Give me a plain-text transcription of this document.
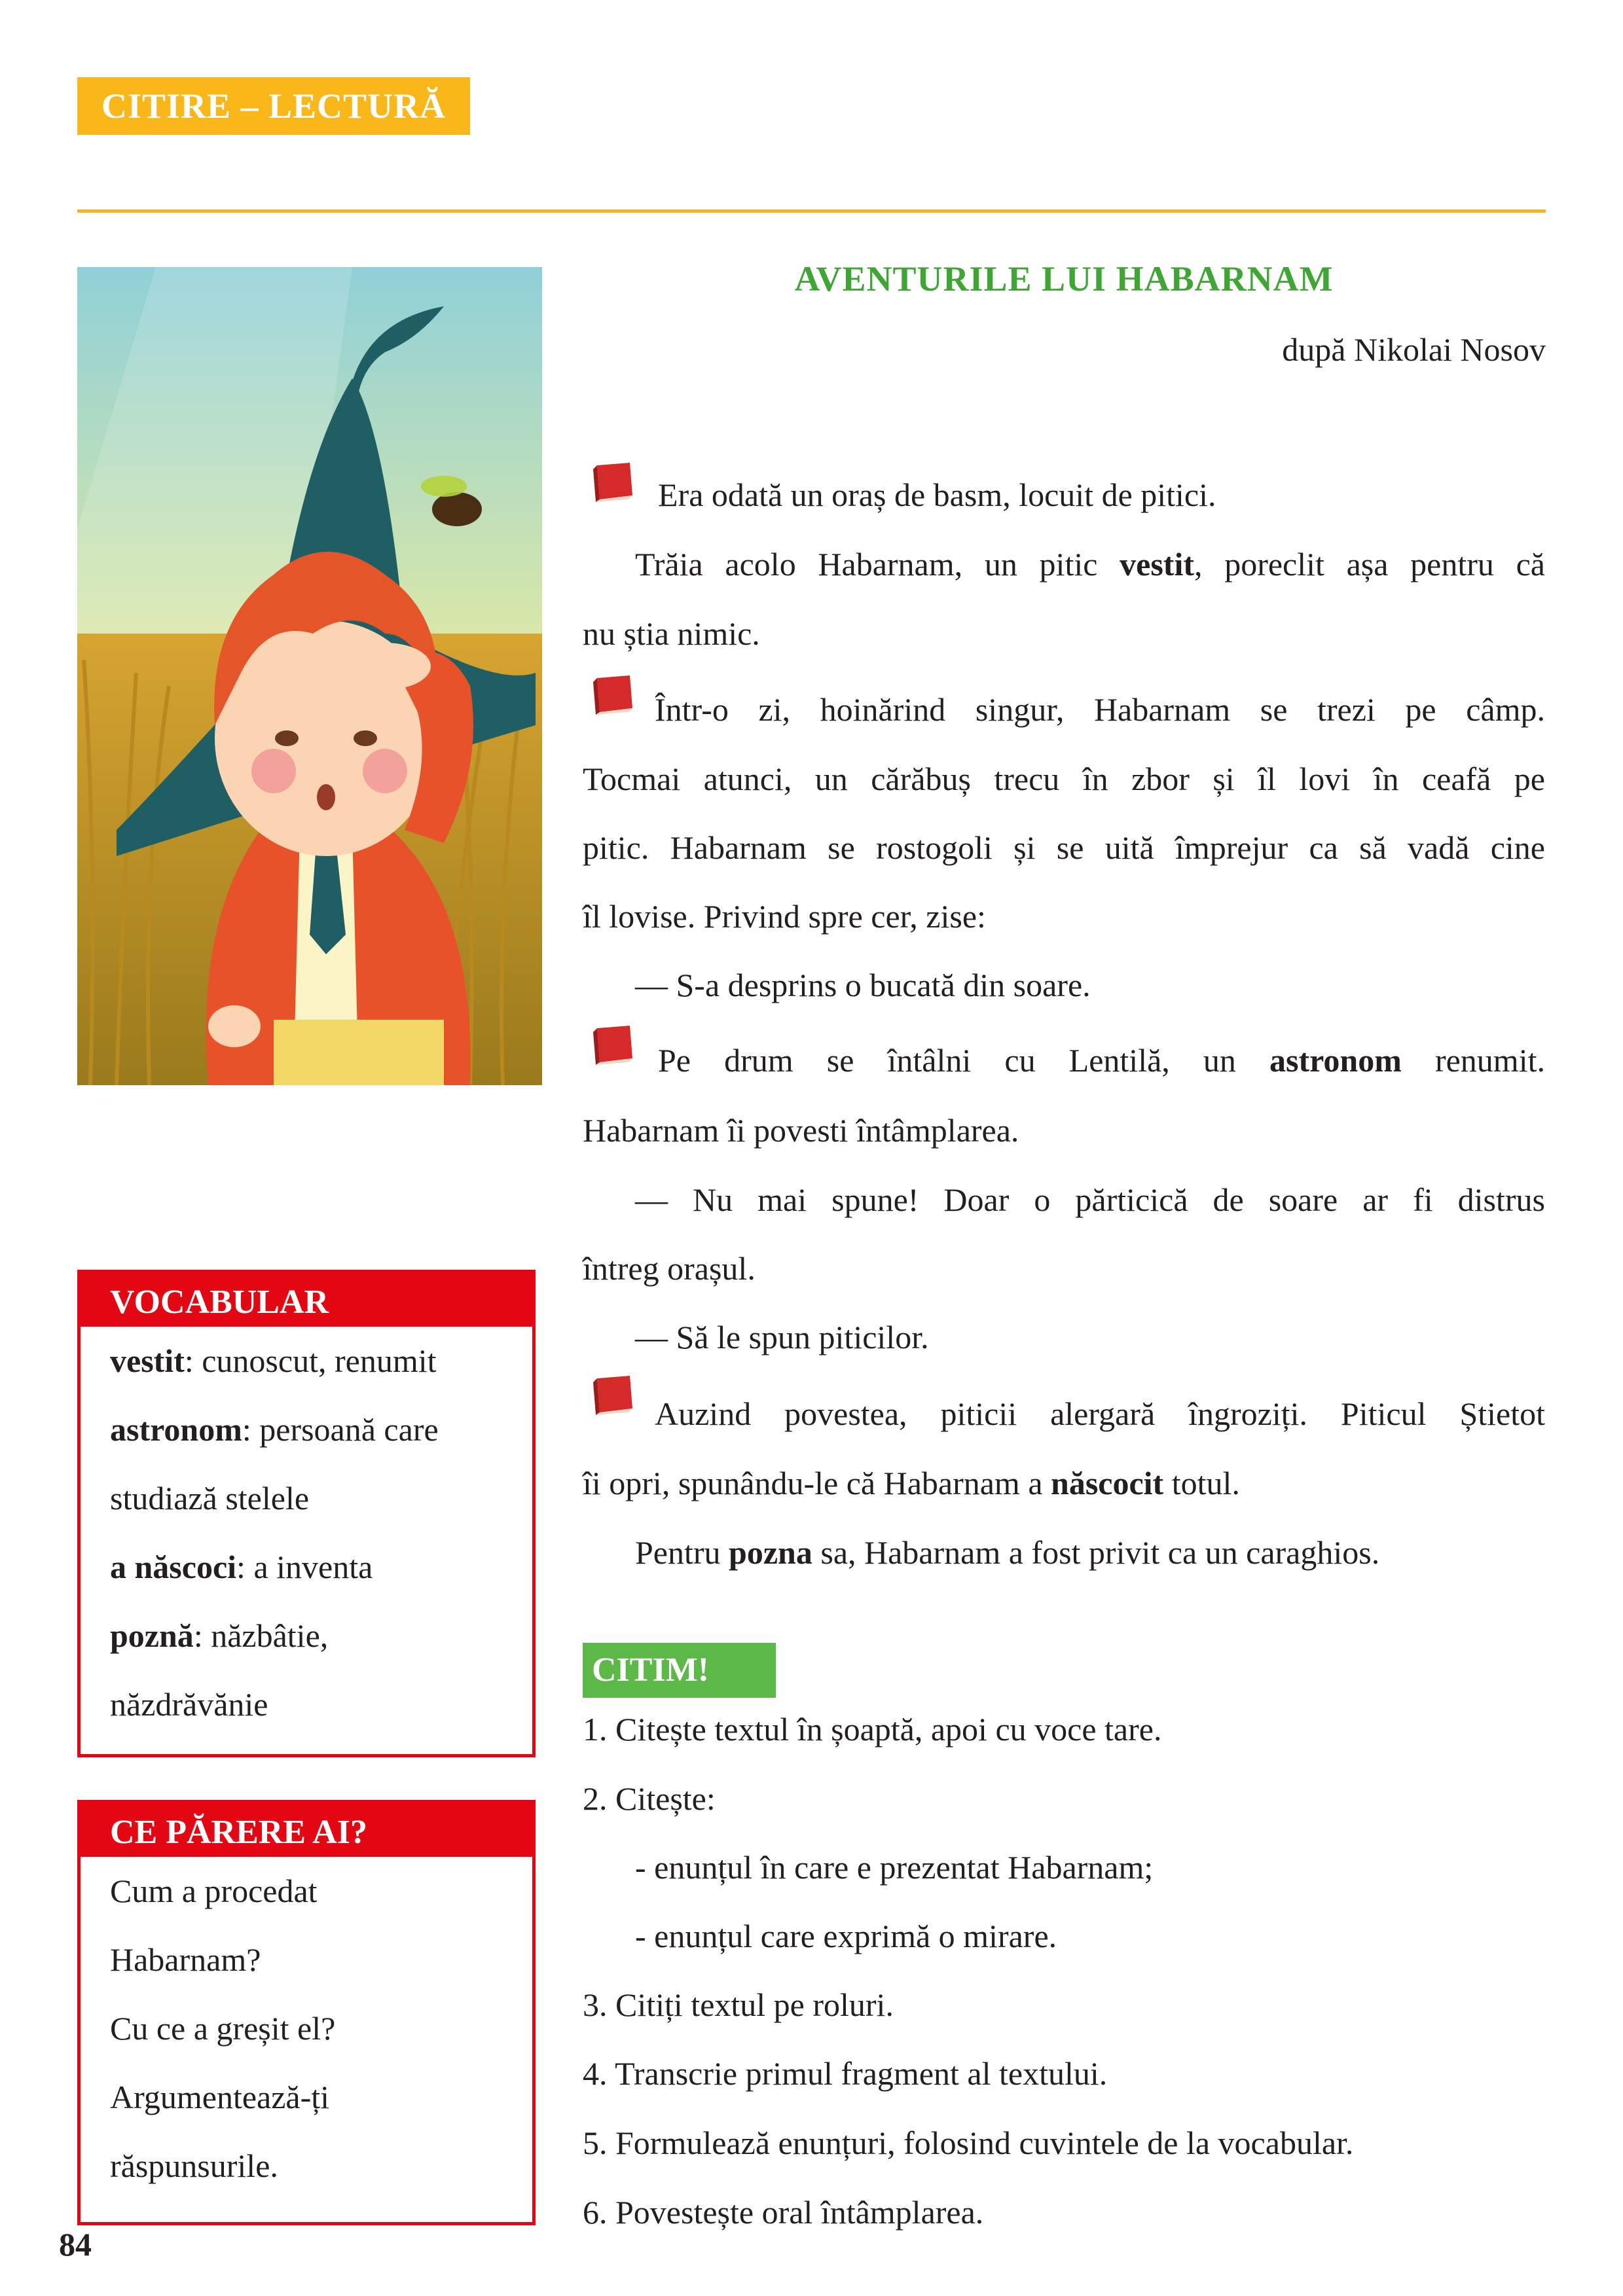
CITIRE – LECTURĂ
AVENTURILE LUI HABARNAM
după Nikolai Nosov
Era odată un oraș de basm, locuit de pitici.
Trăia acolo Habarnam, un pitic vestit, poreclit așa pentru că
nu știa nimic.
Într-o zi, hoinărind singur, Habarnam se trezi pe câmp.
Tocmai atunci, un cărăbuș trecu în zbor și îl lovi în ceafă pe
pitic. Habarnam se rostogoli și se uită împrejur ca să vadă cine
îl lovise. Privind spre cer, zise:
— S-a desprins o bucată din soare.
Pe drum se întâlni cu Lentilă, un astronom renumit.
Habarnam îi povesti întâmplarea.
— Nu mai spune! Doar o părticică de soare ar fi distrus
întreg orașul.
— Să le spun piticilor.
Auzind povestea, piticii alergară îngroziți. Piticul Știetot
îi opri, spunându-le că Habarnam a născocit totul.
Pentru pozna sa, Habarnam a fost privit ca un caraghios.
CITIM!
1. Citește textul în șoaptă, apoi cu voce tare.
2. Citește:
- enunțul în care e prezentat Habarnam;
- enunțul care exprimă o mirare.
3. Citiți textul pe roluri.
4. Transcrie primul fragment al textului.
5. Formulează enunțuri, folosind cuvintele de la vocabular.
6. Povestește oral întâmplarea.
VOCABULAR
vestit: cunoscut, renumit
astronom: persoană care
studiază stelele
a născoci: a inventa
poznă: năzbâtie,
năzdrăvănie
CE PĂRERE AI?
Cum a procedat
Habarnam?
Cu ce a greșit el?
Argumentează-ți
răspunsurile.
84
